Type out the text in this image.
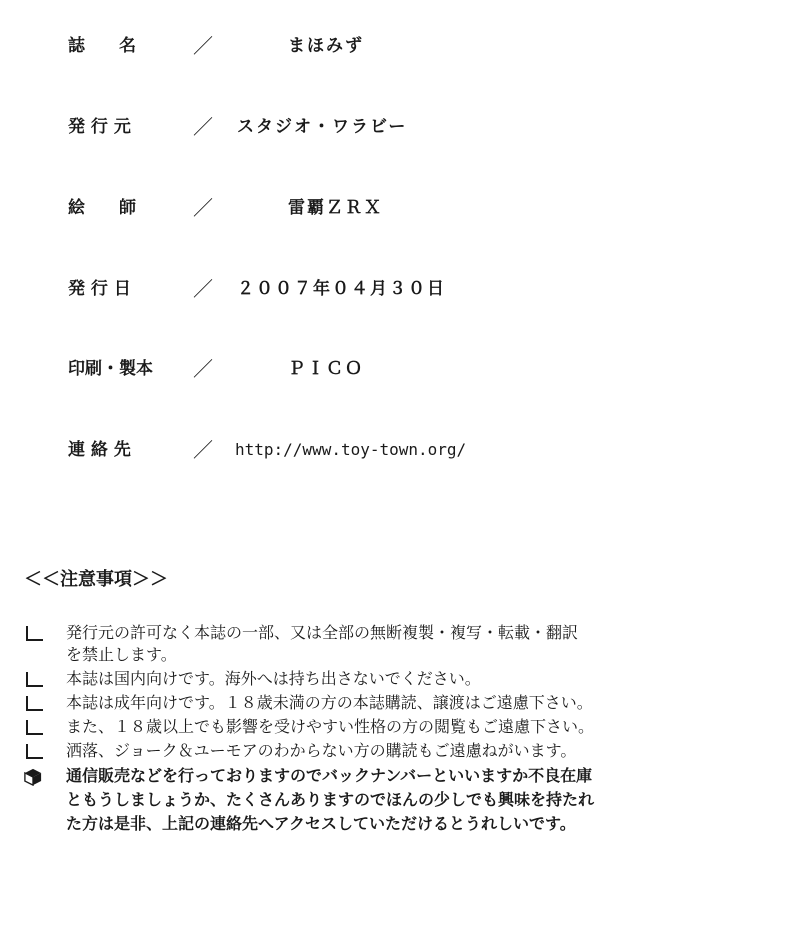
誌　　名	／	まほみず
発 行 元	／ スタジオ・ワラビー
絵　　師	／	雷覇ＺＲＸ
発 行 日	／ ２００７年０４月３０日
印刷・製本 ／	ＰＩＣＯ
連 絡 先	／ http://www.toy-town.org/
＜＜注意事項＞＞
発行元の許可なく本誌の一部、又は全部の無断複製・複写・転載・翻訳
を禁止します。
本誌は国内向けです。海外へは持ち出さないでください。
本誌は成年向けです。１８歳未満の方の本誌購読、譲渡はご遠慮下さい。
また、１８歳以上でも影響を受けやすい性格の方の閲覧もご遠慮下さい。
洒落、ジョーク＆ユーモアのわからない方の購読もご遠慮ねがいます。
通信販売などを行っておりますのでバックナンバーといいますか不良在庫
ともうしましょうか、たくさんありますのでほんの少しでも興味を持たれ
た方は是非、上記の連絡先へアクセスしていただけるとうれしいです。
